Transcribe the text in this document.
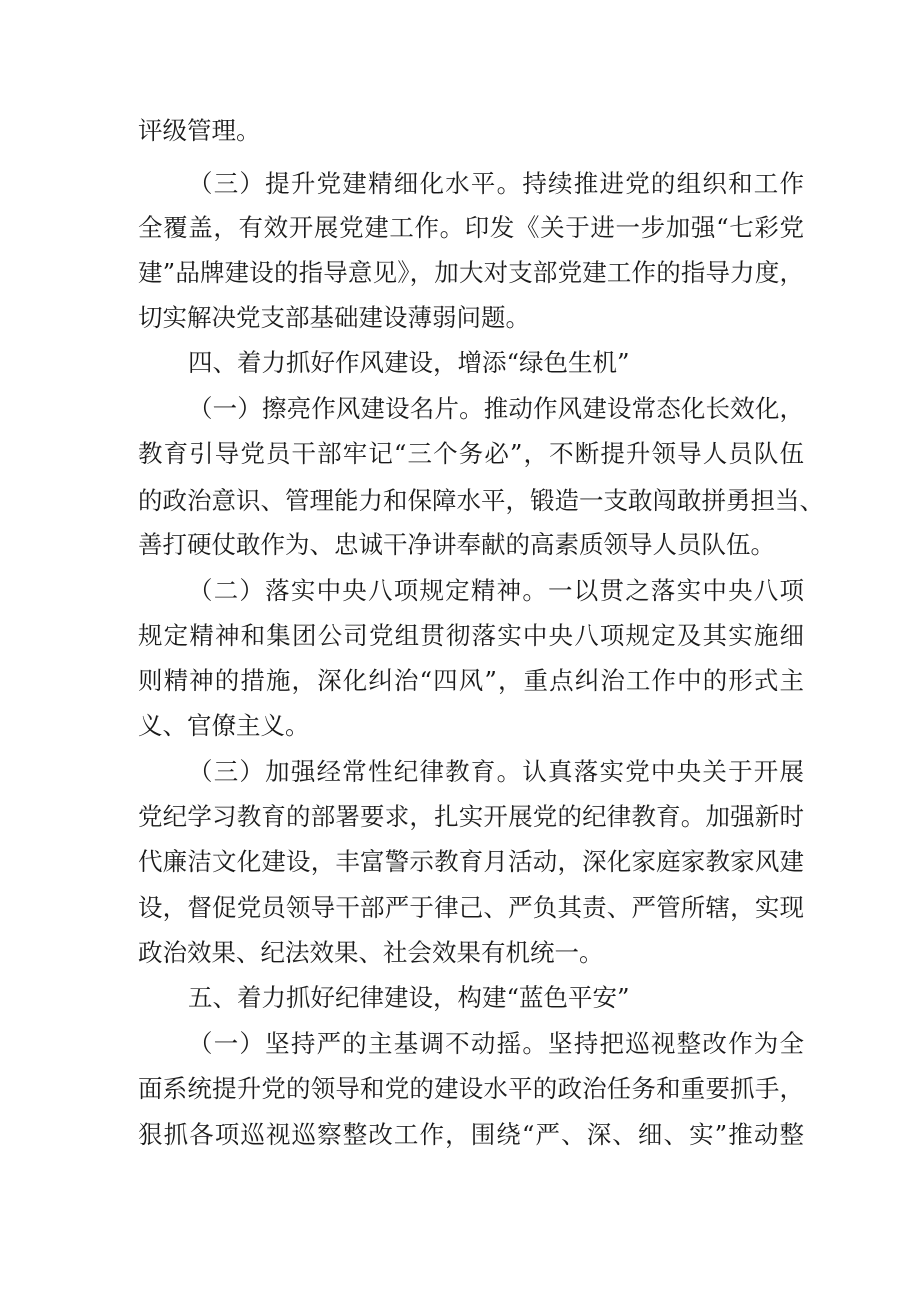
评级管理。

（三）提升党建精细化水平。持续推进党的组织和工作

全覆盖，有效开展党建工作。印发《关于进一步加强“七彩党

建”品牌建设的指导意见》，加大对支部党建工作的指导力度，

切实解决党支部基础建设薄弱问题。

四、着力抓好作风建设，增添“绿色生机”

（一）擦亮作风建设名片。推动作风建设常态化长效化，

教育引导党员干部牢记“三个务必”，不断提升领导人员队伍

的政治意识、管理能力和保障水平，锻造一支敢闯敢拼勇担当、

善打硬仗敢作为、忠诚干净讲奉献的高素质领导人员队伍。

（二）落实中央八项规定精神。一以贯之落实中央八项

规定精神和集团公司党组贯彻落实中央八项规定及其实施细

则精神的措施，深化纠治“四风”，重点纠治工作中的形式主

义、官僚主义。

（三）加强经常性纪律教育。认真落实党中央关于开展

党纪学习教育的部署要求，扎实开展党的纪律教育。加强新时

代廉洁文化建设，丰富警示教育月活动，深化家庭家教家风建

设，督促党员领导干部严于律己、严负其责、严管所辖，实现

政治效果、纪法效果、社会效果有机统一。

五、着力抓好纪律建设，构建“蓝色平安”

（一）坚持严的主基调不动摇。坚持把巡视整改作为全

面系统提升党的领导和党的建设水平的政治任务和重要抓手，

狠抓各项巡视巡察整改工作，围绕“严、深、细、实”推动整
